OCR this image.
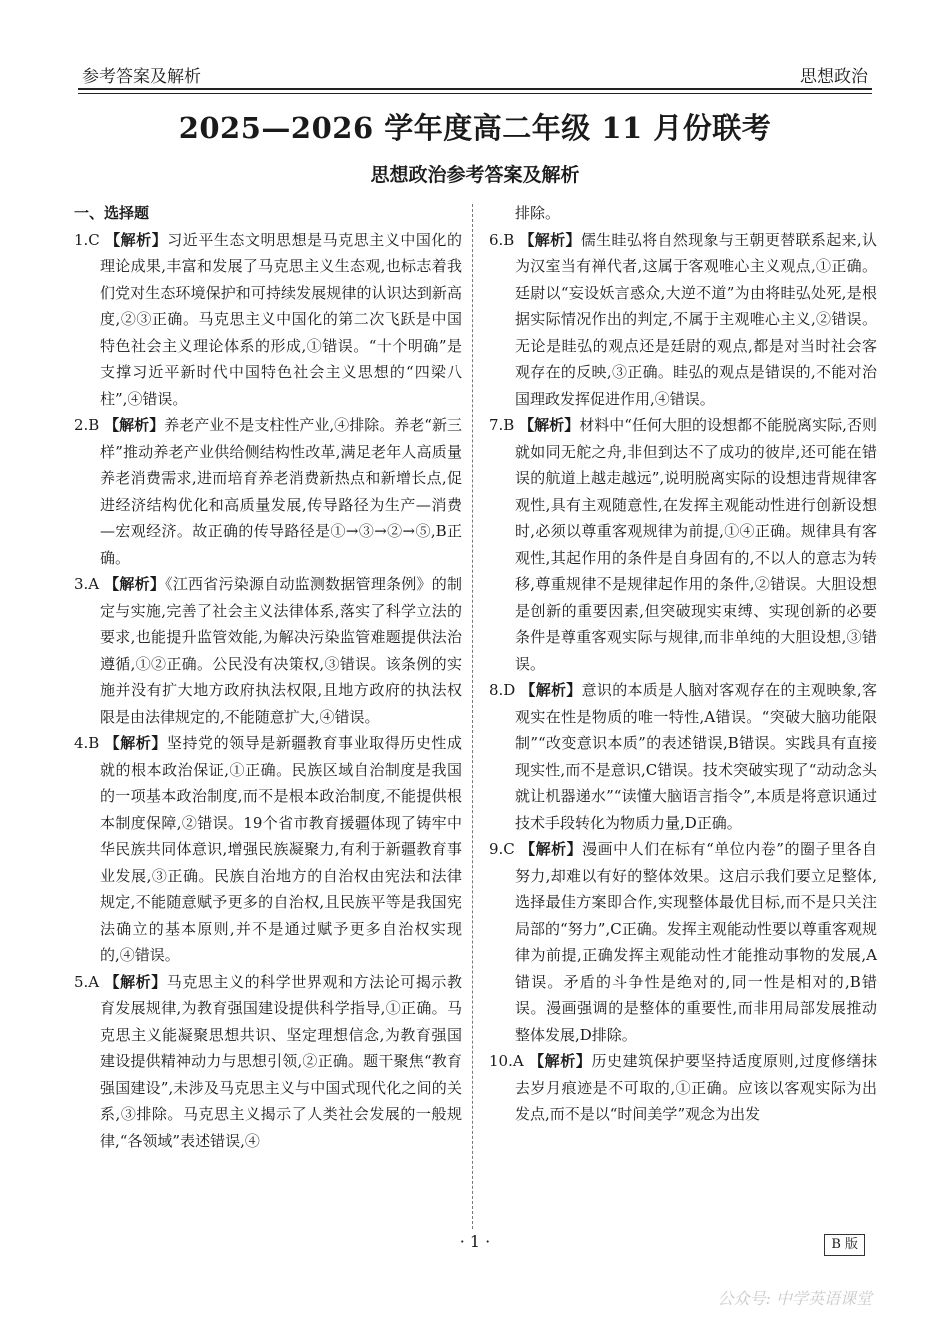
参考答案及解析	思想政治
2025—2026 学年度高二年级 11 月份联考
思想政治参考答案及解析
一、选择题
1.C 【解析】习近平生态文明思想是马克思主义中国化的理论成果,丰富和发展了马克思主义生态观,也标志着我们党对生态环境保护和可持续发展规律的认识达到新高度,②③正确。马克思主义中国化的第二次飞跃是中国特色社会主义理论体系的形成,①错误。“十个明确”是支撑习近平新时代中国特色社会主义思想的“四梁八柱”,④错误。
2.B 【解析】养老产业不是支柱性产业,④排除。养老“新三样”推动养老产业供给侧结构性改革,满足老年人高质量养老消费需求,进而培育养老消费新热点和新增长点,促进经济结构优化和高质量发展,传导路径为生产—消费—宏观经济。故正确的传导路径是①→③→②→⑤,B正确。
3.A 【解析】《江西省污染源自动监测数据管理条例》的制定与实施,完善了社会主义法律体系,落实了科学立法的要求,也能提升监管效能,为解决污染监管难题提供法治遵循,①②正确。公民没有决策权,③错误。该条例的实施并没有扩大地方政府执法权限,且地方政府的执法权限是由法律规定的,不能随意扩大,④错误。
4.B 【解析】坚持党的领导是新疆教育事业取得历史性成就的根本政治保证,①正确。民族区域自治制度是我国的一项基本政治制度,而不是根本政治制度,不能提供根本制度保障,②错误。19个省市教育援疆体现了铸牢中华民族共同体意识,增强民族凝聚力,有利于新疆教育事业发展,③正确。民族自治地方的自治权由宪法和法律规定,不能随意赋予更多的自治权,且民族平等是我国宪法确立的基本原则,并不是通过赋予更多自治权实现的,④错误。
5.A 【解析】马克思主义的科学世界观和方法论可揭示教育发展规律,为教育强国建设提供科学指导,①正确。马克思主义能凝聚思想共识、坚定理想信念,为教育强国建设提供精神动力与思想引领,②正确。题干聚焦“教育强国建设”,未涉及马克思主义与中国式现代化之间的关系,③排除。马克思主义揭示了人类社会发展的一般规律,“各领域”表述错误,④
排除。
6.B 【解析】儒生眭弘将自然现象与王朝更替联系起来,认为汉室当有禅代者,这属于客观唯心主义观点,①正确。廷尉以“妄设妖言惑众,大逆不道”为由将眭弘处死,是根据实际情况作出的判定,不属于主观唯心主义,②错误。无论是眭弘的观点还是廷尉的观点,都是对当时社会客观存在的反映,③正确。眭弘的观点是错误的,不能对治国理政发挥促进作用,④错误。
7.B 【解析】材料中“任何大胆的设想都不能脱离实际,否则就如同无舵之舟,非但到达不了成功的彼岸,还可能在错误的航道上越走越远”,说明脱离实际的设想违背规律客观性,具有主观随意性,在发挥主观能动性进行创新设想时,必须以尊重客观规律为前提,①④正确。规律具有客观性,其起作用的条件是自身固有的,不以人的意志为转移,尊重规律不是规律起作用的条件,②错误。大胆设想是创新的重要因素,但突破现实束缚、实现创新的必要条件是尊重客观实际与规律,而非单纯的大胆设想,③错误。
8.D 【解析】意识的本质是人脑对客观存在的主观映象,客观实在性是物质的唯一特性,A错误。“突破大脑功能限制”“改变意识本质”的表述错误,B错误。实践具有直接现实性,而不是意识,C错误。技术突破实现了“动动念头就让机器递水”“读懂大脑语言指令”,本质是将意识通过技术手段转化为物质力量,D正确。
9.C 【解析】漫画中人们在标有“单位内卷”的圈子里各自努力,却难以有好的整体效果。这启示我们要立足整体,选择最佳方案即合作,实现整体最优目标,而不是只关注局部的“努力”,C正确。发挥主观能动性要以尊重客观规律为前提,正确发挥主观能动性才能推动事物的发展,A错误。矛盾的斗争性是绝对的,同一性是相对的,B错误。漫画强调的是整体的重要性,而非用局部发展推动整体发展,D排除。
10.A 【解析】历史建筑保护要坚持适度原则,过度修缮抹去岁月痕迹是不可取的,①正确。应该以客观实际为出发点,而不是以“时间美学”观念为出发
· 1 ·	B 版
公众号: 中学英语课堂
